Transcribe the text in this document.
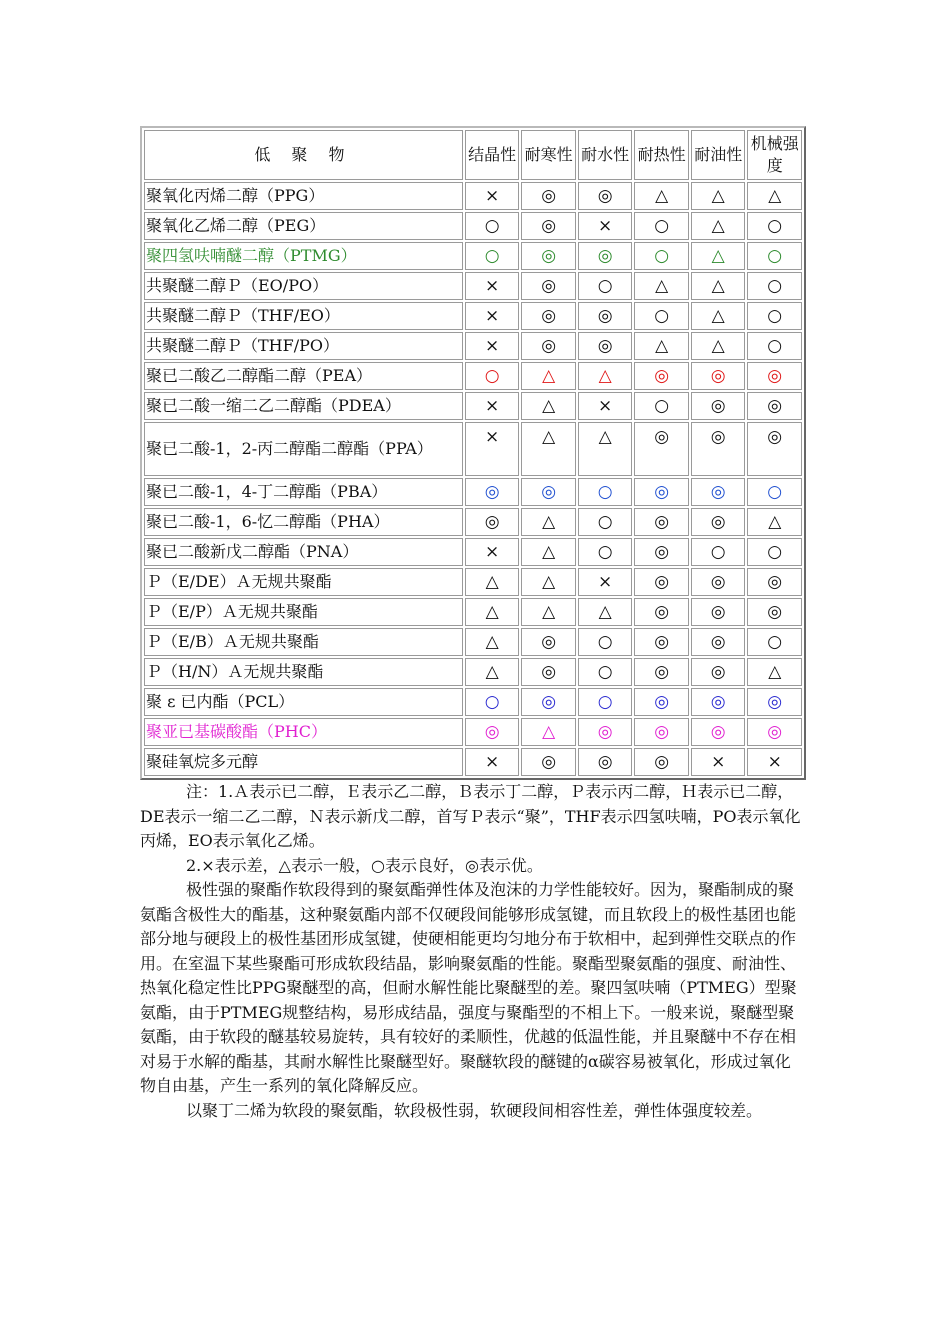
低 聚 物	结晶性	耐寒性	耐水性	耐热性	耐油性	机械强度
聚氧化丙烯二醇（PPG）	×	◎	◎	△	△	△
聚氧化乙烯二醇（PEG）	○	◎	×	○	△	○
聚四氢呋喃醚二醇（PTMG）	○	◎	◎	○	△	○
共聚醚二醇Ｐ（EO/PO）	×	◎	○	△	△	○
共聚醚二醇Ｐ（THF/EO）	×	◎	◎	○	△	○
共聚醚二醇Ｐ（THF/PO）	×	◎	◎	△	△	○
聚已二酸乙二醇酯二醇（PEA）	○	△	△	◎	◎	◎
聚已二酸一缩二乙二醇酯（PDEA）	×	△	×	○	◎	◎
聚已二酸-1，2-丙二醇酯二醇酯（PPA）	×	△	△	◎	◎	◎
聚已二酸-1，4-丁二醇酯（PBA）	◎	◎	○	◎	◎	○
聚已二酸-1，6-忆二醇酯（PHA）	◎	△	○	◎	◎	△
聚已二酸新戊二醇酯（PNA）	×	△	○	◎	○	○
Ｐ（E/DE）Ａ无规共聚酯	△	△	×	◎	◎	◎
Ｐ（E/P）Ａ无规共聚酯	△	△	△	◎	◎	◎
Ｐ（E/B）Ａ无规共聚酯	△	◎	○	◎	◎	○
Ｐ（H/N）Ａ无规共聚酯	△	◎	○	◎	◎	△
聚 ε 已内酯（PCL）	○	◎	○	◎	◎	◎
聚亚已基碳酸酯（PHC）	◎	△	◎	◎	◎	◎
聚硅氧烷多元醇	×	◎	◎	◎	×	×

注：1.Ａ表示已二醇，Ｅ表示乙二醇，Ｂ表示丁二醇，Ｐ表示丙二醇，Ｈ表示已二醇，DE表示一缩二乙二醇，Ｎ表示新戊二醇，首写Ｐ表示“聚”，THF表示四氢呋喃，PO表示氧化丙烯，EO表示氧化乙烯。

2.×表示差，△表示一般，○表示良好，◎表示优。

极性强的聚酯作软段得到的聚氨酯弹性体及泡沫的力学性能较好。因为，聚酯制成的聚氨酯含极性大的酯基，这种聚氨酯内部不仅硬段间能够形成氢键，而且软段上的极性基团也能部分地与硬段上的极性基团形成氢键，使硬相能更均匀地分布于软相中，起到弹性交联点的作用。在室温下某些聚酯可形成软段结晶，影响聚氨酯的性能。聚酯型聚氨酯的强度、耐油性、热氧化稳定性比PPG聚醚型的高，但耐水解性能比聚醚型的差。聚四氢呋喃（PTMEG）型聚氨酯，由于PTMEG规整结构，易形成结晶，强度与聚酯型的不相上下。一般来说，聚醚型聚氨酯，由于软段的醚基较易旋转，具有较好的柔顺性，优越的低温性能，并且聚醚中不存在相对易于水解的酯基，其耐水解性比聚醚型好。聚醚软段的醚键的α碳容易被氧化，形成过氧化物自由基，产生一系列的氧化降解反应。

以聚丁二烯为软段的聚氨酯，软段极性弱，软硬段间相容性差，弹性体强度较差。
